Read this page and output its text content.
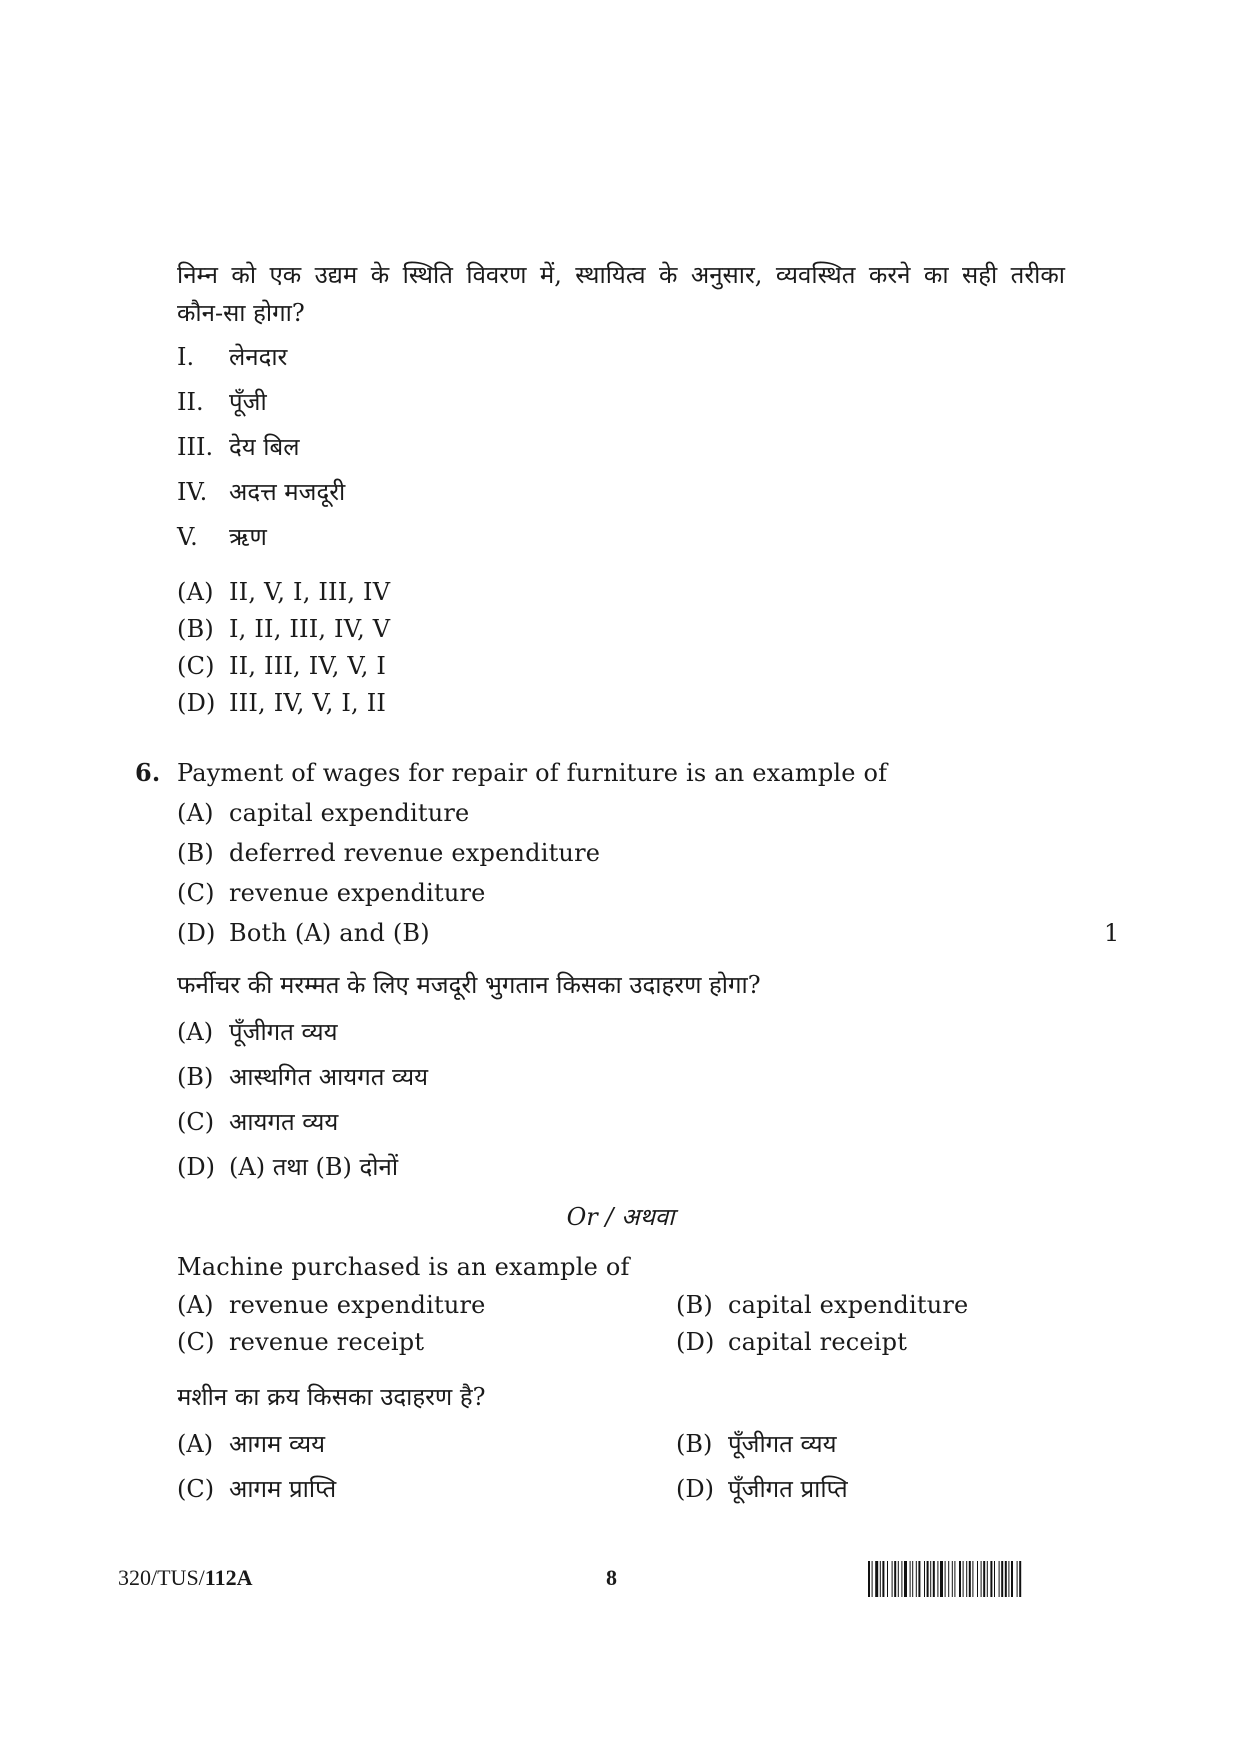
निम्न को एक उद्यम के स्थिति विवरण में, स्थायित्व के अनुसार, व्यवस्थित करने का सही तरीका
कौन-सा होगा?
I. लेनदार
II. पूँजी
III. देय बिल
IV. अदत्त मजदूरी
V. ऋण
(A) II, V, I, III, IV
(B) I, II, III, IV, V
(C) II, III, IV, V, I
(D) III, IV, V, I, II
6. Payment of wages for repair of furniture is an example of
(A) capital expenditure
(B) deferred revenue expenditure
(C) revenue expenditure
(D) Both (A) and (B)	1
फर्नीचर की मरम्मत के लिए मजदूरी भुगतान किसका उदाहरण होगा?
(A) पूँजीगत व्यय
(B) आस्थगित आयगत व्यय
(C) आयगत व्यय
(D) (A) तथा (B) दोनों
Or / अथवा
Machine purchased is an example of
(A) revenue expenditure	(B) capital expenditure
(C) revenue receipt	(D) capital receipt
मशीन का क्रय किसका उदाहरण है?
(A) आगम व्यय	(B) पूँजीगत व्यय
(C) आगम प्राप्ति	(D) पूँजीगत प्राप्ति
320/TUS/112A	8
